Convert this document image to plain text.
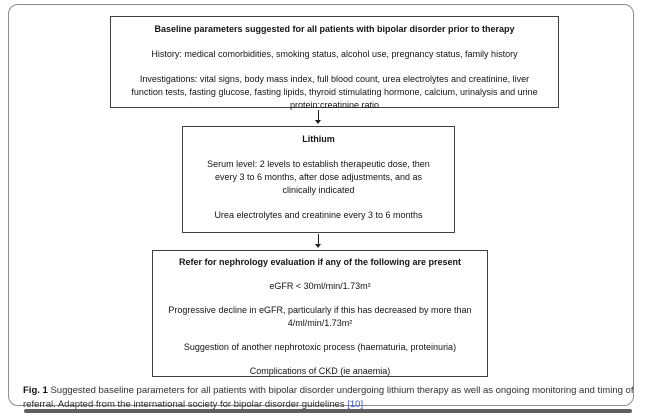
Baseline parameters suggested for all patients with bipolar disorder prior to therapy
History: medical comorbidities, smoking status, alcohol use, pregnancy status, family history
Investigations: vital signs, body mass index, full blood count, urea electrolytes and creatinine, liver function tests, fasting glucose, fasting lipids, thyroid stimulating hormone, calcium, urinalysis and urine protein:creatinine ratio
Lithium
Serum level: 2 levels to establish therapeutic dose, then every 3 to 6 months, after dose adjustments, and as clinically indicated
Urea electrolytes and creatinine every 3 to 6 months
Refer for nephrology evaluation if any of the following are present
eGFR < 30ml/min/1.73m²
Progressive decline in eGFR, particularly if this has decreased by more than 4/ml/min/1.73m²
Suggestion of another nephrotoxic process (haematuria, proteinuria)
Complications of CKD (ie anaemia)
Fig. 1 Suggested baseline parameters for all patients with bipolar disorder undergoing lithium therapy as well as ongoing monitoring and timing of
referral. Adapted from the international society for bipolar disorder guidelines [10]
